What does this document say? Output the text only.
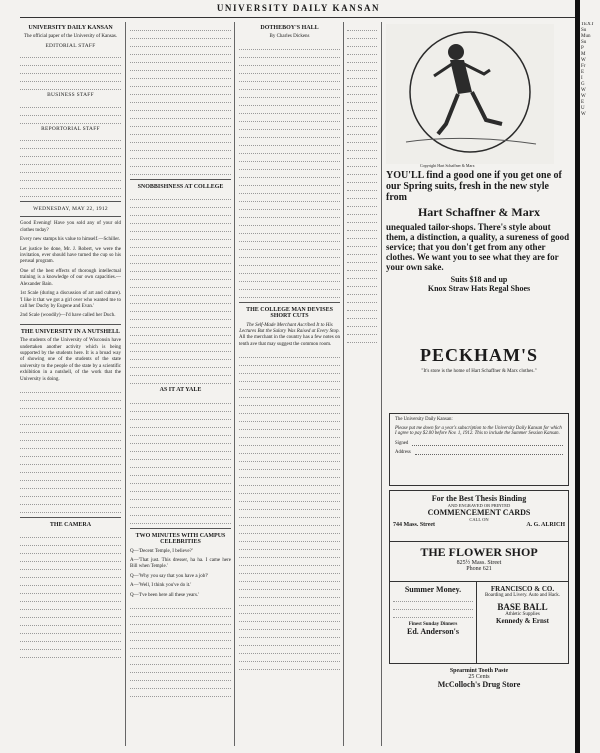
UNIVERSITY DAILY KANSAN
UNIVERSITY DAILY KANSAN
The official paper of the University of Kansas.
EDITORIAL STAFF
BUSINESS STAFF
REPORTORIAL STAFF
WEDNESDAY, MAY 22, 1912

Good Evening! Have you sold any of your old clothes today?

Every new stamps his value to himself.—Schiller.

Let justice be done, Mr. J. Robert, we were the invitation, ever should have turned the cup so his perusal program.

One of the best effects of thorough intellectual training is a knowledge of our own capacities.—Alexander Bain.

1st Scale (during a discussion of art and culture). 'I like it that we got a girl over who wanted me to call her Duchy by Eugene and Evan.'

2nd Scale (woodily)—I'd have called her Duch.

THE UNIVERSITY IN A NUTSHELL

The students of the University of Wisconsin have undertaken another activity which is being supported by the students here. It is a broad way of showing one of the students of the state university to the people of the state by a scientific exhibition in a nutshell, of the work that the University is doing.

THE CAMERA
SNOBBISHNESS AT COLLEGE
AS IT AT YALE
TWO MINUTES WITH CAMPUS CELEBRITIES

Q—'Decent Temple, I believe?'

A—'That just. This dresser, ha ha. I came here Bill when Temple.'

Q—'Why you say that you have a job?'

A—'Well, I think you've do it.'

Q—'I've been here all these years.'

DOTHEBOY'S HALL
By Charles Dickens
THE COLLEGE MAN DEVISES SHORT CUTS
The Self-Made Merchant Ascribed It to His Lectures But the Salary Was Raised at Every Stop.

All the merchant in the country has a few notes on tenth ave that may suggest the common room.

Copyright Hart Schaffner & Marx
YOU'LL find a good one if you get one of our Spring suits, fresh in the new style from
Hart Schaffner & Marx
unequaled tailor-shops. There's style about them, a distinction, a quality, a sureness of good service; that you don't get from any other clothes. We want you to see what they are for your own sake.
Suits $18 and up
Knox Straw Hats Regal Shoes
PECKHAM'S
"It's store is the home of Hart Schaffner & Marx clothes."
The University Daily Kansan:
Please put me down for a year's subscription to the University Daily Kansan for which I agree to pay $2.00 before Nov. 1, 1912. This to include the Summer Session Kansan.
Signed
Address
For the Best Thesis Binding
AND ENGRAVED OR PRINTED
COMMENCEMENT CARDS
CALL ON
744 Mass. Street	A. G. ALRICH
THE FLOWER SHOP
825½ Mass. Street
Phone 621
Summer Money.
Finest Sunday Dinners
Ed. Anderson's
FRANCISCO & CO.
Boarding and Livery. Auto and Hack.
BASE BALL
Athletic Supplies
Kennedy & Ernst
Spearmint Tooth Paste
25 Cents
McColloch's Drug Store
TEXT
Su
Mun
Su
P
M
W
Fr
E
I
G
W
W
E
U
W
